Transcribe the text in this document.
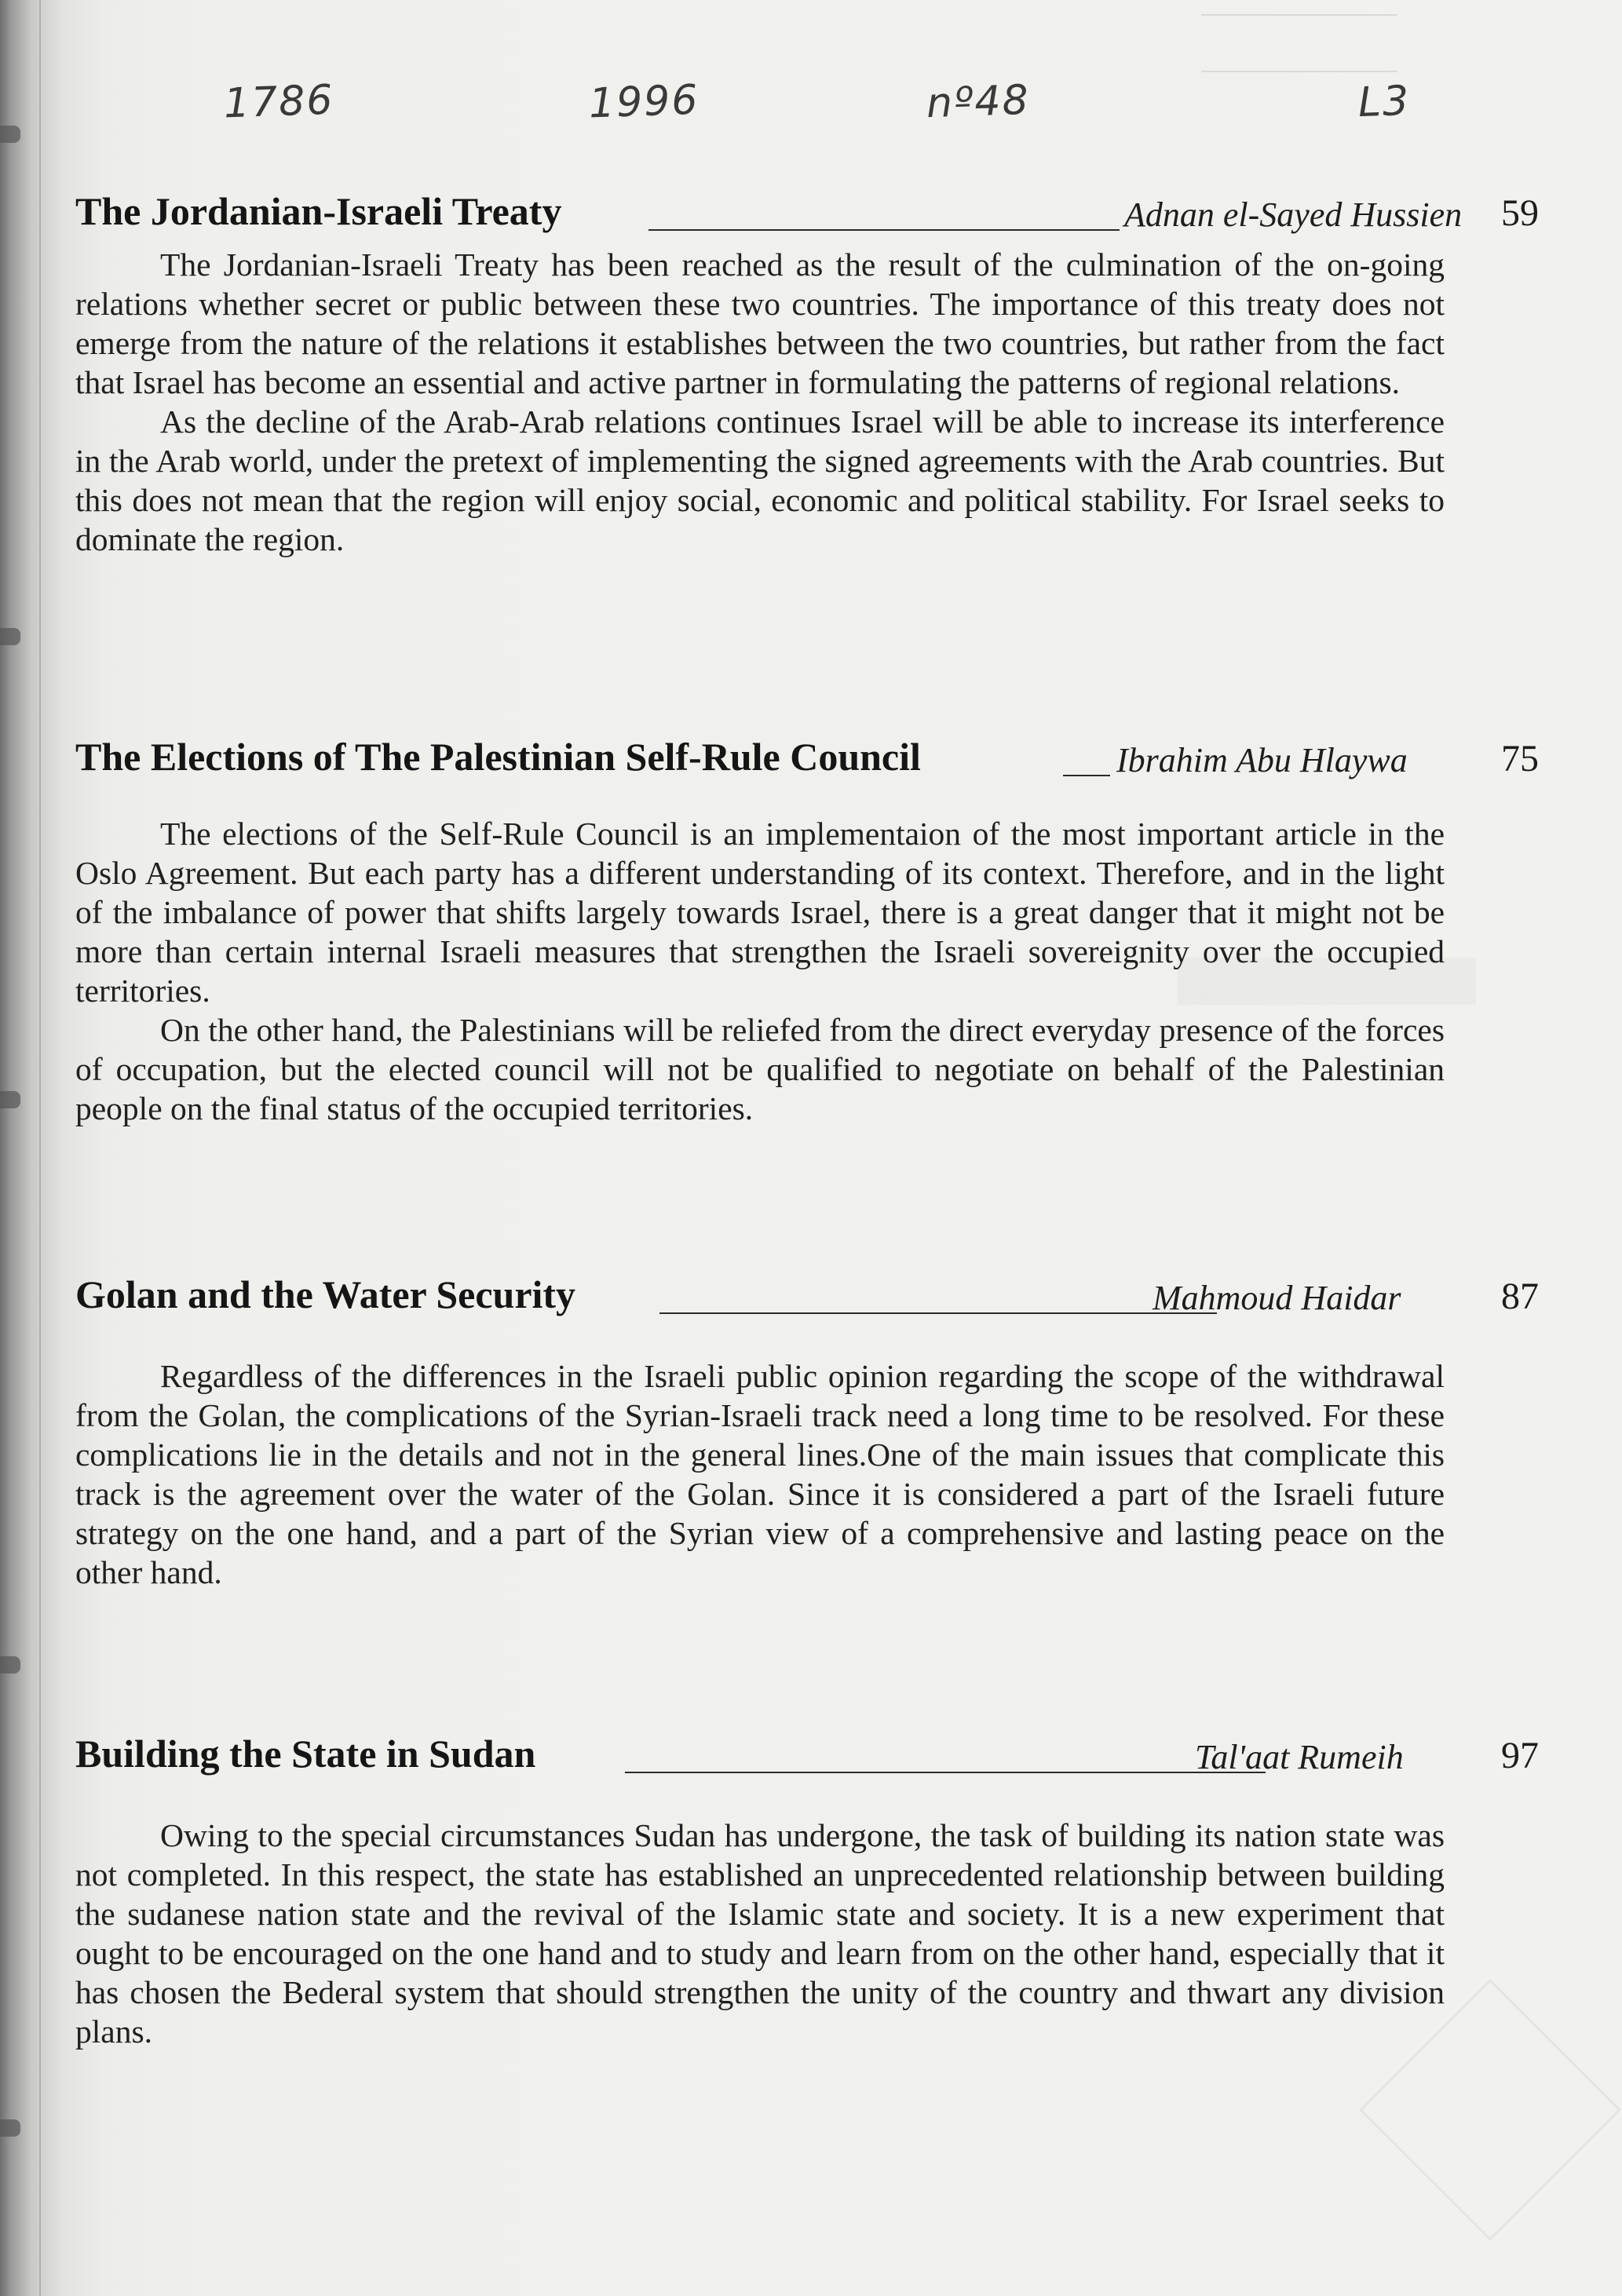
1786	1996	nº48	L3
The Jordanian-Israeli Treaty	Adnan el-Sayed Hussien 59

The Jordanian-Israeli Treaty has been reached as the result of the culmination of the on-going relations whether secret or public between these two countries. The importance of this treaty does not emerge from the nature of the relations it establishes between the two countries, but rather from the fact that Israel has become an essential and active partner in formulating the patterns of regional relations.

As the decline of the Arab-Arab relations continues Israel will be able to increase its interference in the Arab world, under the pretext of implementing the signed agreements with the Arab countries. But this does not mean that the region will enjoy social, economic and political stability. For Israel seeks to dominate the region.

The Elections of The Palestinian Self-Rule Council	Ibrahim Abu Hlaywa 75

The elections of the Self-Rule Council is an implementaion of the most important article in the Oslo Agreement. But each party has a different understanding of its context. Therefore, and in the light of the imbalance of power that shifts largely towards Israel, there is a great danger that it might not be more than certain internal Israeli measures that strengthen the Israeli sovereignity over the occupied territories.

On the other hand, the Palestinians will be reliefed from the direct everyday presence of the forces of occupation, but the elected council will not be qualified to negotiate on behalf of the Palestinian people on the final status of the occupied territories.

Golan and the Water Security	Mahmoud Haidar	87

Regardless of the differences in the Israeli public opinion regarding the scope of the withdrawal from the Golan, the complications of the Syrian-Israeli track need a long time to be resolved. For these complications lie in the details and not in the general lines.One of the main issues that complicate this track is the agreement over the water of the Golan. Since it is considered a part of the Israeli future strategy on the one hand, and a part of the Syrian view of a comprehensive and lasting peace on the other hand.

Building the State in Sudan	Tal'aat Rumeih	97

Owing to the special circumstances Sudan has undergone, the task of building its nation state was not completed. In this respect, the state has established an unprecedented relationship between building the sudanese nation state and the revival of the Islamic state and society. It is a new experiment that ought to be encouraged on the one hand and to study and learn from on the other hand, especially that it has chosen the Bederal system that should strengthen the unity of the country and thwart any division plans.
